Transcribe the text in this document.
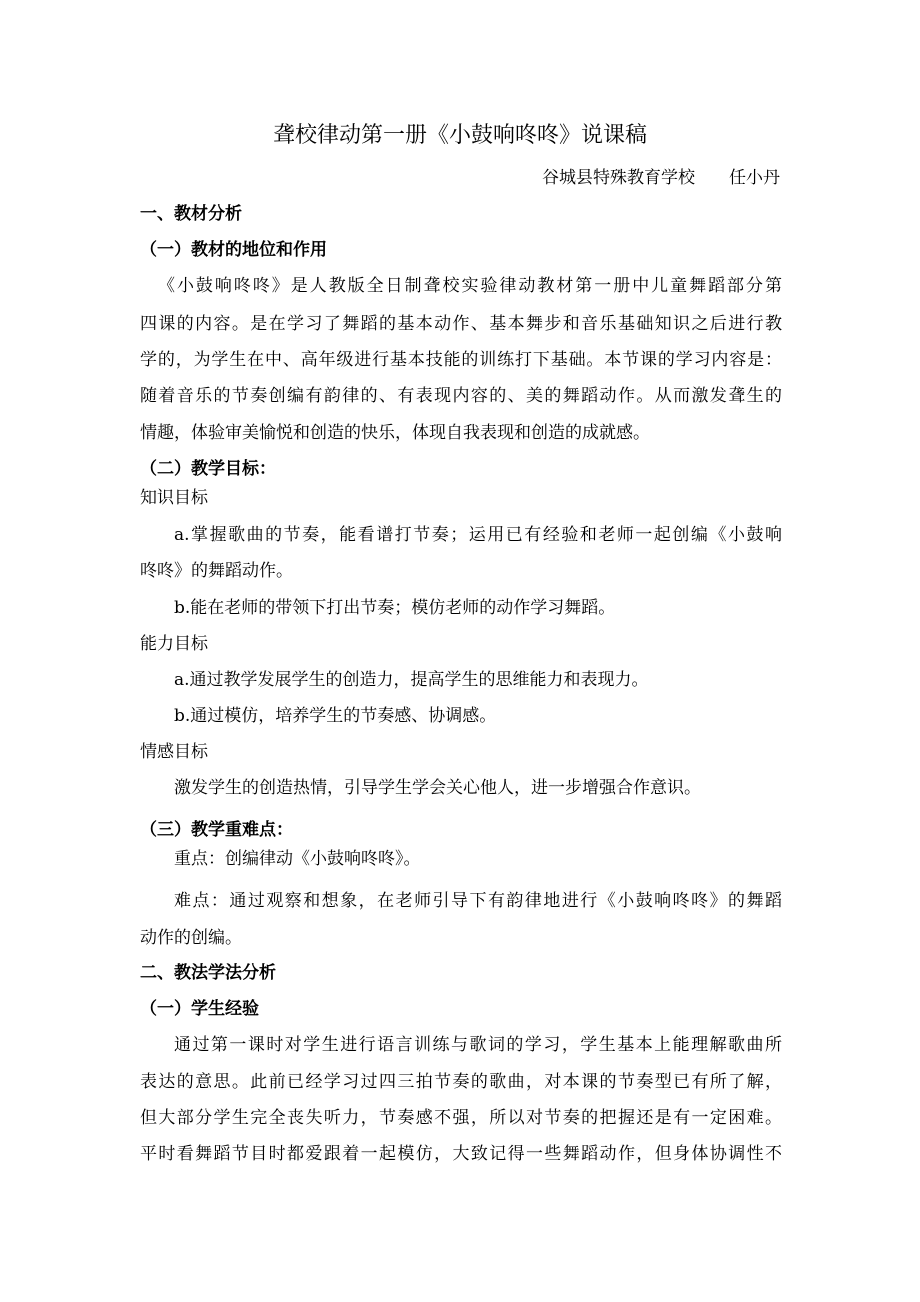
聋校律动第一册《小鼓响咚咚》说课稿
谷城县特殊教育学校 任小丹
一、教材分析
（一）教材的地位和作用
《小鼓响咚咚》是人教版全日制聋校实验律动教材第一册中儿童舞蹈部分第
四课的内容。是在学习了舞蹈的基本动作、基本舞步和音乐基础知识之后进行教
学的，为学生在中、高年级进行基本技能的训练打下基础。本节课的学习内容是：
随着音乐的节奏创编有韵律的、有表现内容的、美的舞蹈动作。从而激发聋生的
情趣，体验审美愉悦和创造的快乐，体现自我表现和创造的成就感。
（二）教学目标：
知识目标
a.掌握歌曲的节奏，能看谱打节奏；运用已有经验和老师一起创编《小鼓响
咚咚》的舞蹈动作。
b.能在老师的带领下打出节奏；模仿老师的动作学习舞蹈。
能力目标
a.通过教学发展学生的创造力，提高学生的思维能力和表现力。
b.通过模仿，培养学生的节奏感、协调感。
情感目标
激发学生的创造热情，引导学生学会关心他人，进一步增强合作意识。
（三）教学重难点：
重点：创编律动《小鼓响咚咚》。
难点：通过观察和想象，在老师引导下有韵律地进行《小鼓响咚咚》的舞蹈
动作的创编。
二、教法学法分析
（一）学生经验
通过第一课时对学生进行语言训练与歌词的学习，学生基本上能理解歌曲所
表达的意思。此前已经学习过四三拍节奏的歌曲，对本课的节奏型已有所了解，
但大部分学生完全丧失听力，节奏感不强，所以对节奏的把握还是有一定困难。
平时看舞蹈节目时都爱跟着一起模仿，大致记得一些舞蹈动作，但身体协调性不
